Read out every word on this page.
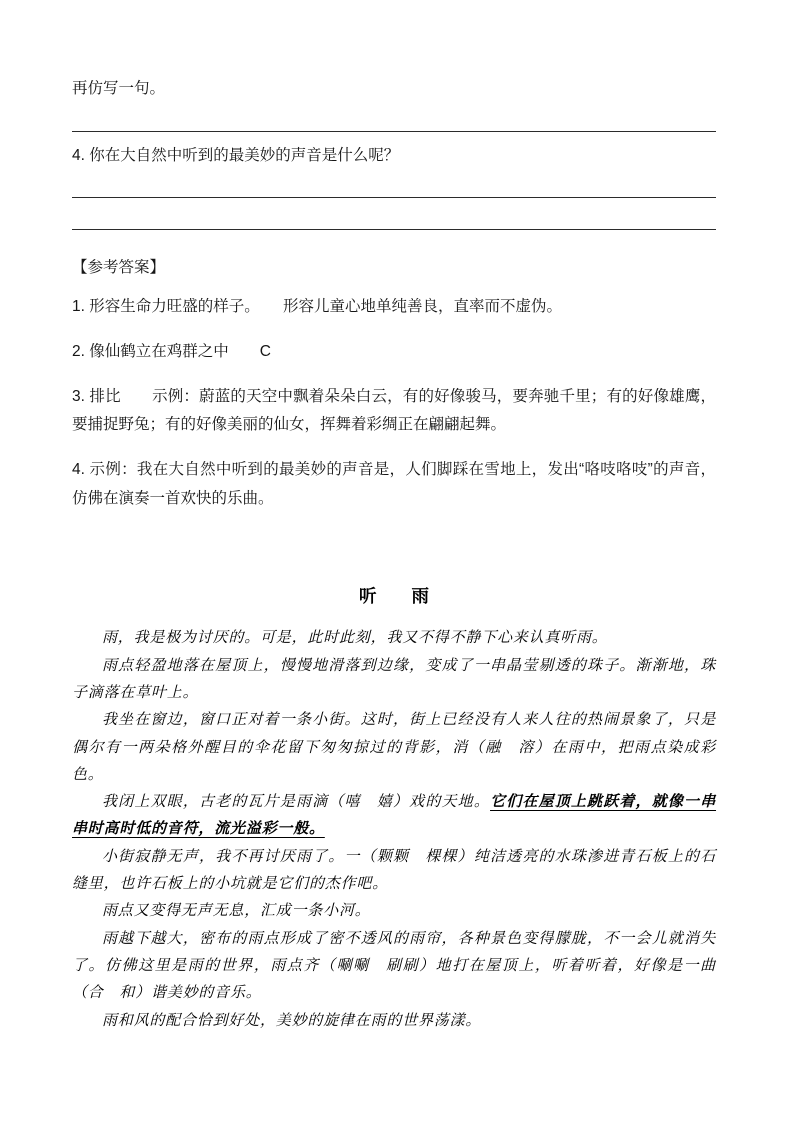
再仿写一句。

4. 你在大自然中听到的最美妙的声音是什么呢？

【参考答案】

1. 形容生命力旺盛的样子。　　形容儿童心地单纯善良，直率而不虚伪。

2. 像仙鹤立在鸡群之中　　C

3. 排比　　示例：蔚蓝的天空中飘着朵朵白云，有的好像骏马，要奔驰千里；有的好像雄鹰，要捕捉野兔；有的好像美丽的仙女，挥舞着彩绸正在翩翩起舞。

4. 示例：我在大自然中听到的最美妙的声音是，人们脚踩在雪地上，发出“咯吱咯吱”的声音，仿佛在演奏一首欢快的乐曲。

听　　雨

雨，我是极为讨厌的。可是，此时此刻，我又不得不静下心来认真听雨。

雨点轻盈地落在屋顶上，慢慢地滑落到边缘，变成了一串晶莹剔透的珠子。渐渐地，珠子滴落在草叶上。

我坐在窗边，窗口正对着一条小街。这时，街上已经没有人来人往的热闹景象了，只是偶尔有一两朵格外醒目的伞花留下匆匆掠过的背影，消（融　溶）在雨中，把雨点染成彩色。

我闭上双眼，古老的瓦片是雨滴（嘻　嬉）戏的天地。它们在屋顶上跳跃着，就像一串串时高时低的音符，流光溢彩一般。

小街寂静无声，我不再讨厌雨了。一（颗颗　棵棵）纯洁透亮的水珠渗进青石板上的石缝里，也许石板上的小坑就是它们的杰作吧。

雨点又变得无声无息，汇成一条小河。

雨越下越大，密布的雨点形成了密不透风的雨帘，各种景色变得朦胧，不一会儿就消失了。仿佛这里是雨的世界，雨点齐（唰唰　刷刷）地打在屋顶上，听着听着，好像是一曲（合　和）谐美妙的音乐。

雨和风的配合恰到好处，美妙的旋律在雨的世界荡漾。
